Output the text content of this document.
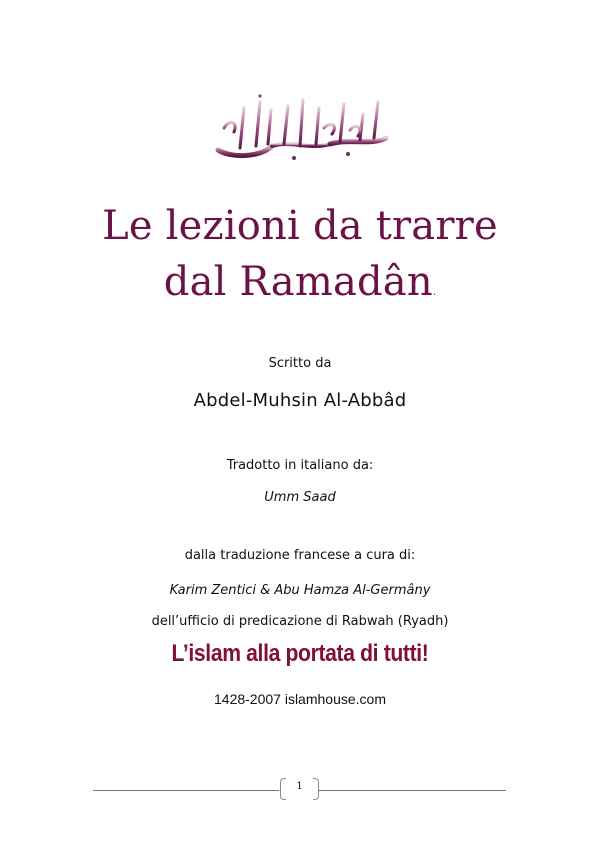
Le lezioni da trarre
dal Ramadân.
Scritto da
Abdel-Muhsin Al-Abbâd
Tradotto in italiano da:
Umm Saad
dalla traduzione francese a cura di:
Karim Zentici & Abu Hamza Al-Germâny
dell’ufficio di predicazione di Rabwah (Ryadh)
L’islam alla portata di tutti!
1428-2007 islamhouse.com
1
